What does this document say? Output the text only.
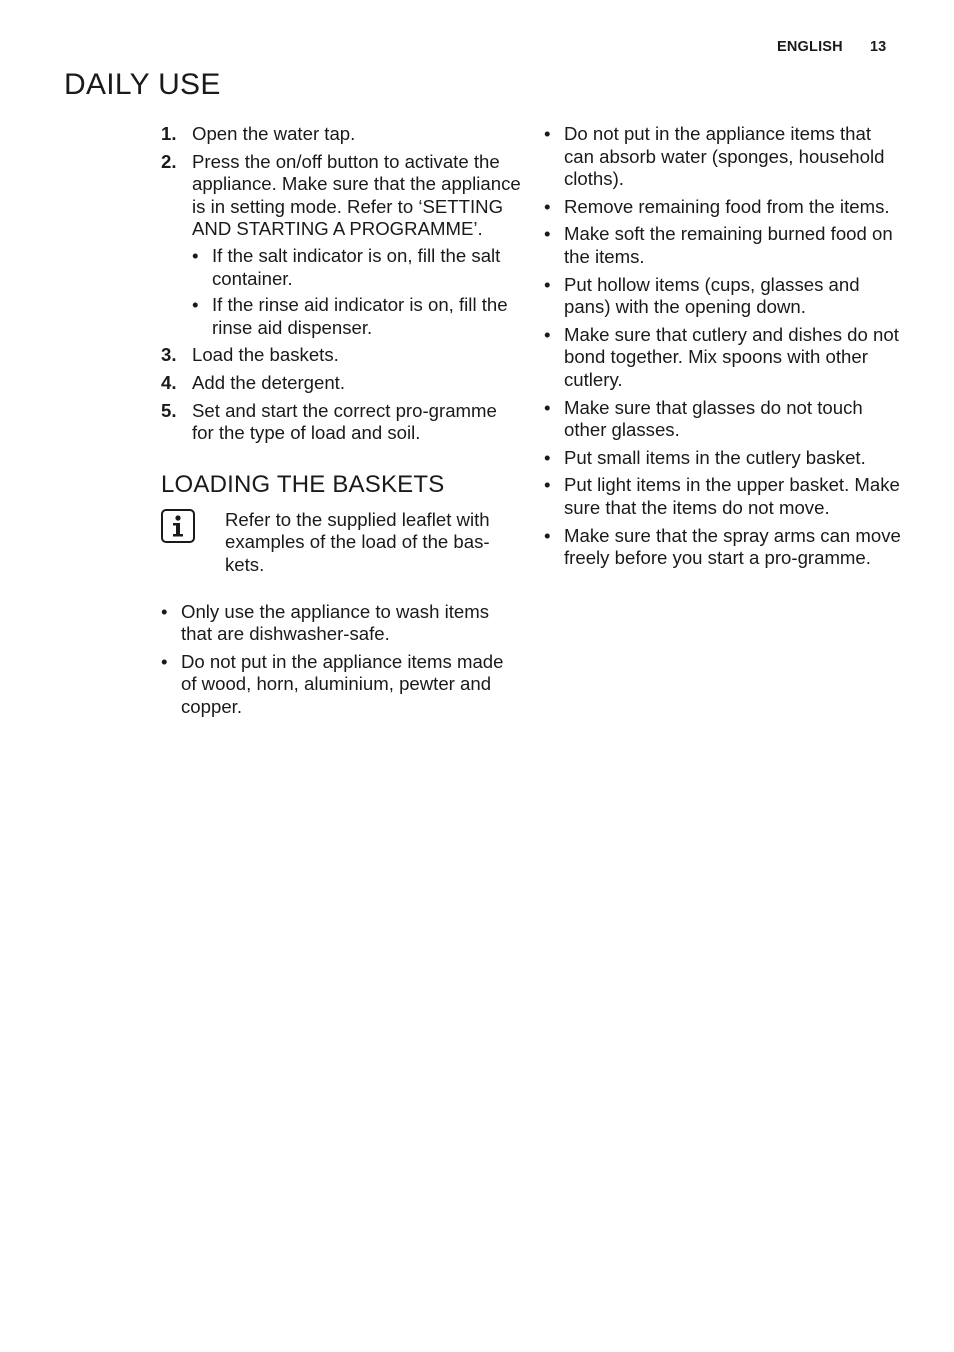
ENGLISH 13
DAILY USE
1. Open the water tap.
2. Press the on/off button to activate the appliance. Make sure that the appliance is in setting mode. Refer to ‘SETTING AND STARTING A PROGRAMME’.
• If the salt indicator is on, fill the salt container.
• If the rinse aid indicator is on, fill the rinse aid dispenser.
3. Load the baskets.
4. Add the detergent.
5. Set and start the correct pro-gramme for the type of load and soil.
LOADING THE BASKETS
Refer to the supplied leaflet with examples of the load of the bas-kets.
• Only use the appliance to wash items that are dishwasher-safe.
• Do not put in the appliance items made of wood, horn, aluminium, pewter and copper.
• Do not put in the appliance items that can absorb water (sponges, household cloths).
• Remove remaining food from the items.
• Make soft the remaining burned food on the items.
• Put hollow items (cups, glasses and pans) with the opening down.
• Make sure that cutlery and dishes do not bond together. Mix spoons with other cutlery.
• Make sure that glasses do not touch other glasses.
• Put small items in the cutlery basket.
• Put light items in the upper basket. Make sure that the items do not move.
• Make sure that the spray arms can move freely before you start a pro-gramme.
